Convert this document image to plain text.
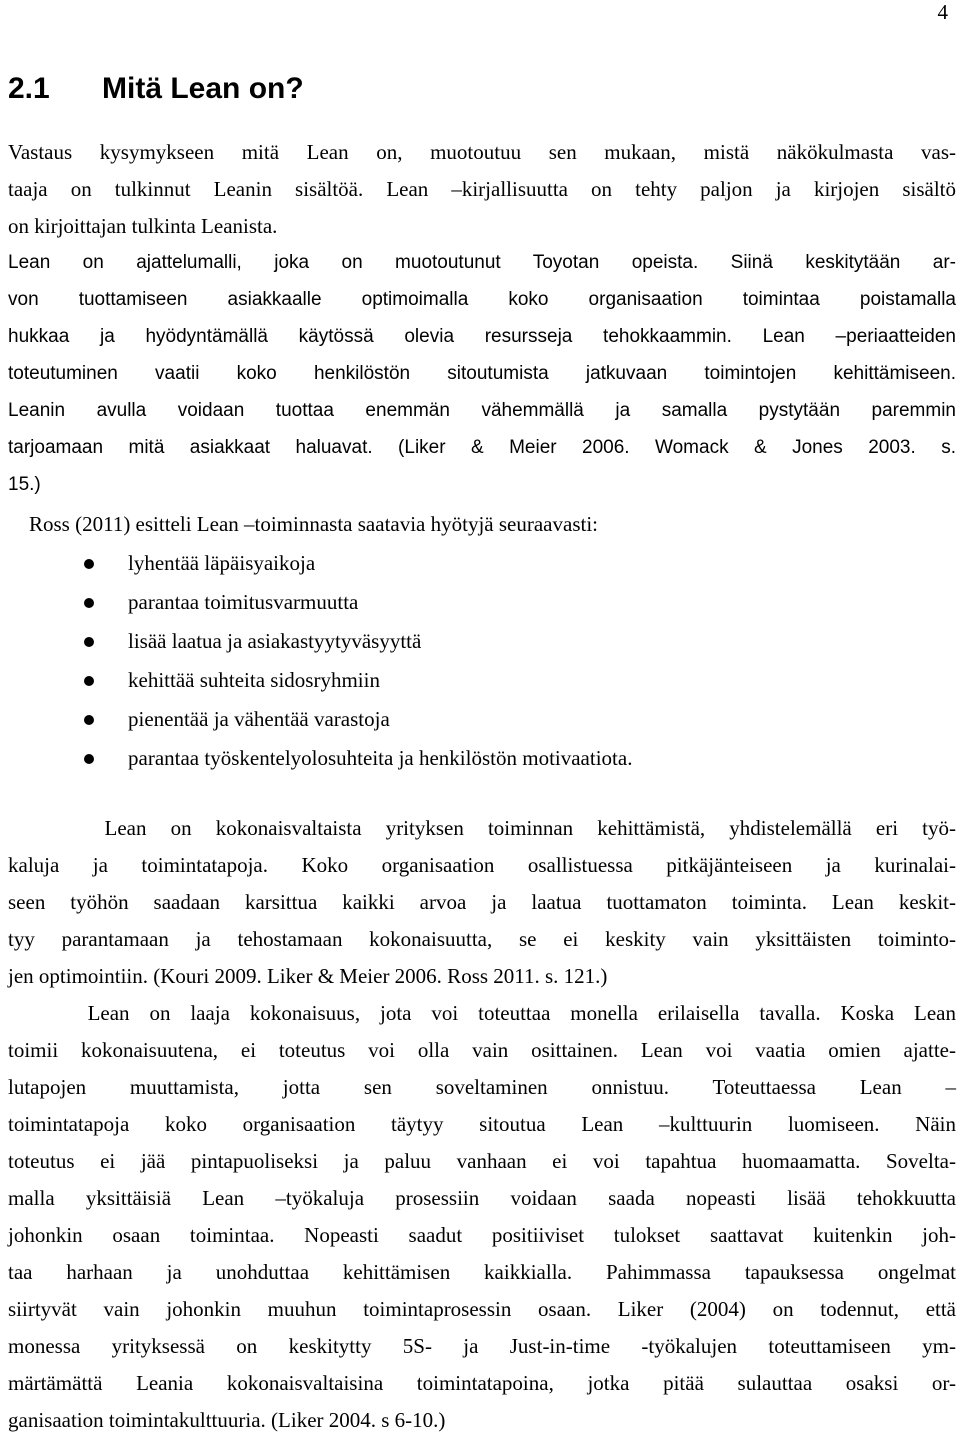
4
2.1 Mitä Lean on?
Vastaus kysymykseen mitä Lean on, muotoutuu sen mukaan, mistä näkökulmasta vas-
taaja on tulkinnut Leanin sisältöä. Lean –kirjallisuutta on tehty paljon ja kirjojen sisältö
on kirjoittajan tulkinta Leanista.
Lean on ajattelumalli, joka on muotoutunut Toyotan opeista. Siinä keskitytään ar-
von tuottamiseen asiakkaalle optimoimalla koko organisaation toimintaa poistamalla
hukkaa ja hyödyntämällä käytössä olevia resursseja tehokkaammin. Lean –periaatteiden
toteutuminen vaatii koko henkilöstön sitoutumista jatkuvaan toimintojen kehittämiseen.
Leanin avulla voidaan tuottaa enemmän vähemmällä ja samalla pystytään paremmin
tarjoamaan mitä asiakkaat haluavat. (Liker & Meier 2006. Womack & Jones 2003. s.
15.)
Ross (2011) esitteli Lean –toiminnasta saatavia hyötyjä seuraavasti:
lyhentää läpäisyaikoja
parantaa toimitusvarmuutta
lisää laatua ja asiakastyytyväsyyttä
kehittää suhteita sidosryhmiin
pienentää ja vähentää varastoja
parantaa työskentelyolosuhteita ja henkilöstön motivaatiota.
Lean on kokonaisvaltaista yrityksen toiminnan kehittämistä, yhdistelemällä eri työ-
kaluja ja toimintatapoja. Koko organisaation osallistuessa pitkäjänteiseen ja kurinalai-
seen työhön saadaan karsittua kaikki arvoa ja laatua tuottamaton toiminta. Lean keskit-
tyy parantamaan ja tehostamaan kokonaisuutta, se ei keskity vain yksittäisten toiminto-
jen optimointiin. (Kouri 2009. Liker & Meier 2006. Ross 2011. s. 121.)
Lean on laaja kokonaisuus, jota voi toteuttaa monella erilaisella tavalla. Koska Lean
toimii kokonaisuutena, ei toteutus voi olla vain osittainen. Lean voi vaatia omien ajatte-
lutapojen muuttamista, jotta sen soveltaminen onnistuu. Toteuttaessa Lean –
toimintatapoja koko organisaation täytyy sitoutua Lean –kulttuurin luomiseen. Näin
toteutus ei jää pintapuoliseksi ja paluu vanhaan ei voi tapahtua huomaamatta. Sovelta-
malla yksittäisiä Lean –työkaluja prosessiin voidaan saada nopeasti lisää tehokkuutta
johonkin osaan toimintaa. Nopeasti saadut positiiviset tulokset saattavat kuitenkin joh-
taa harhaan ja unohduttaa kehittämisen kaikkialla. Pahimmassa tapauksessa ongelmat
siirtyvät vain johonkin muuhun toimintaprosessin osaan. Liker (2004) on todennut, että
monessa yrityksessä on keskitytty 5S- ja Just-in-time -työkalujen toteuttamiseen ym-
märtämättä Leania kokonaisvaltaisina toimintatapoina, jotka pitää sulauttaa osaksi or-
ganisaation toimintakulttuuria. (Liker 2004. s 6-10.)
